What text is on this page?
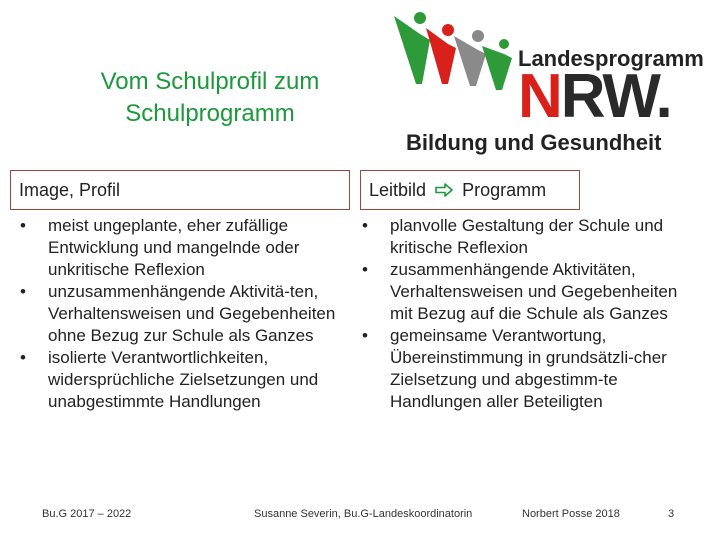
Vom Schulprofil zum
Schulprogramm
Landesprogramm
NRW.
Bildung und Gesundheit
Image, Profil	Leitbild Programm
• meist ungeplante, eher zufällige Entwicklung und mangelnde oder unkritische Reflexion
• unzusammenhängende Aktivitä-ten, Verhaltensweisen und Gegebenheiten ohne Bezug zur Schule als Ganzes
• isolierte Verantwortlichkeiten, widersprüchliche Zielsetzungen und unabgestimmte Handlungen
• planvolle Gestaltung der Schule und kritische Reflexion
• zusammenhängende Aktivitäten, Verhaltensweisen und Gegebenheiten mit Bezug auf die Schule als Ganzes
• gemeinsame Verantwortung, Übereinstimmung in grundsätzli-cher Zielsetzung und abgestimm-te Handlungen aller Beteiligten
Bu.G 2017 – 2022	Susanne Severin, Bu.G-Landeskoordinatorin	Norbert Posse 2018	3
